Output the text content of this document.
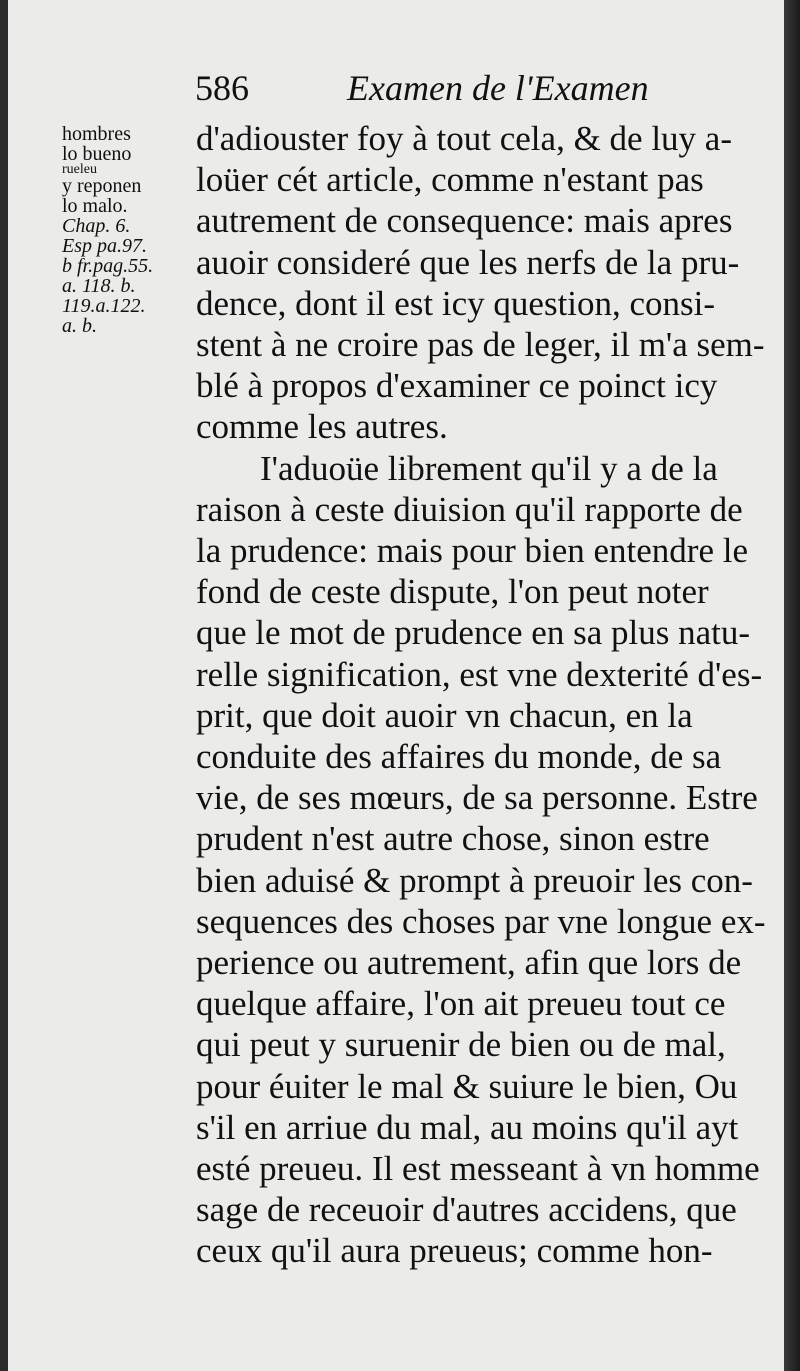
586	Examen de l'Examen
hombres
lo bueno
rueleu
y reponen
lo malo.
Chap. 6.
Esp pa.97.
b fr.pag.55.
a. 118. b.
119.a.122.
a. b.
d'adiouster foy à tout cela, & de luy a-
loüer cét article, comme n'estant pas
autrement de consequence: mais apres
auoir consideré que les nerfs de la pru-
dence, dont il est icy question, consi-
stent à ne croire pas de leger, il m'a sem-
blé à propos d'examiner ce poinct icy
comme les autres.
I'aduoüe librement qu'il y a de la
raison à ceste diuision qu'il rapporte de
la prudence: mais pour bien entendre le
fond de ceste dispute, l'on peut noter
que le mot de prudence en sa plus natu-
relle signification, est vne dexterité d'es-
prit, que doit auoir vn chacun, en la
conduite des affaires du monde, de sa
vie, de ses mœurs, de sa personne. Estre
prudent n'est autre chose, sinon estre
bien aduisé & prompt à preuoir les con-
sequences des choses par vne longue ex-
perience ou autrement, afin que lors de
quelque affaire, l'on ait preueu tout ce
qui peut y suruenir de bien ou de mal,
pour éuiter le mal & suiure le bien, Ou
s'il en arriue du mal, au moins qu'il ayt
esté preueu. Il est messeant à vn homme
sage de receuoir d'autres accidens, que
ceux qu'il aura preueus; comme hon-
